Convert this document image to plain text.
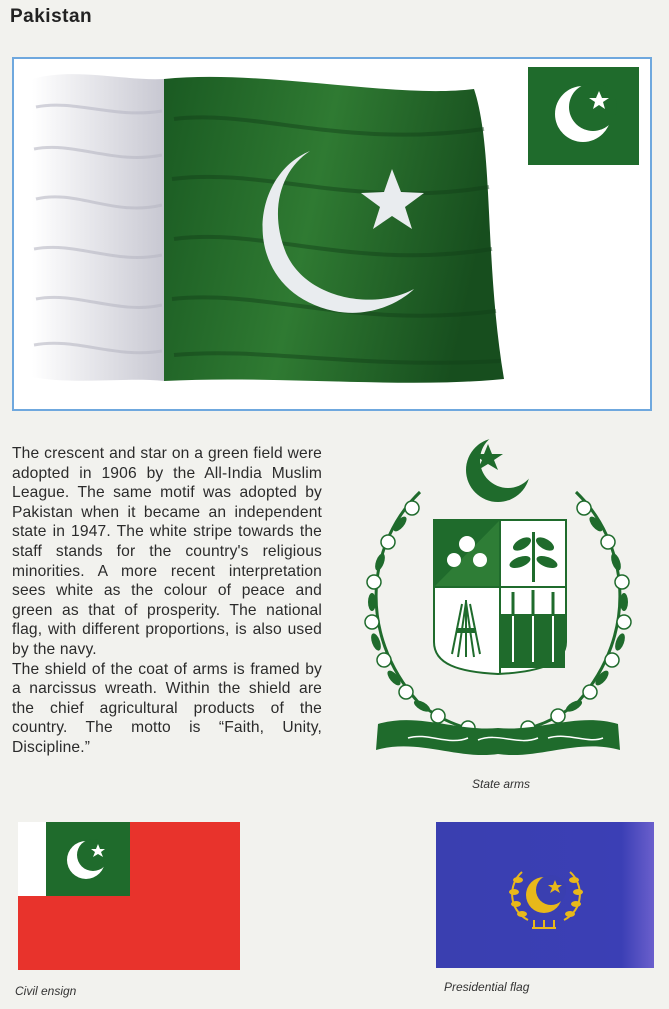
Pakistan

The crescent and star on a green field were adopted in 1906 by the All-India Muslim League. The same motif was adopted by Pakistan when it became an independent state in 1947. The white stripe towards the staff stands for the country's religious minorities. A more recent interpretation sees white as the colour of peace and green as that of prosperity. The national flag, with different proportions, is also used by the navy.

The shield of the coat of arms is framed by a narcissus wreath. Within the shield are the chief agricultural products of the country. The motto is “Faith, Unity, Discipline.”

State arms
Civil ensign	Presidential flag
